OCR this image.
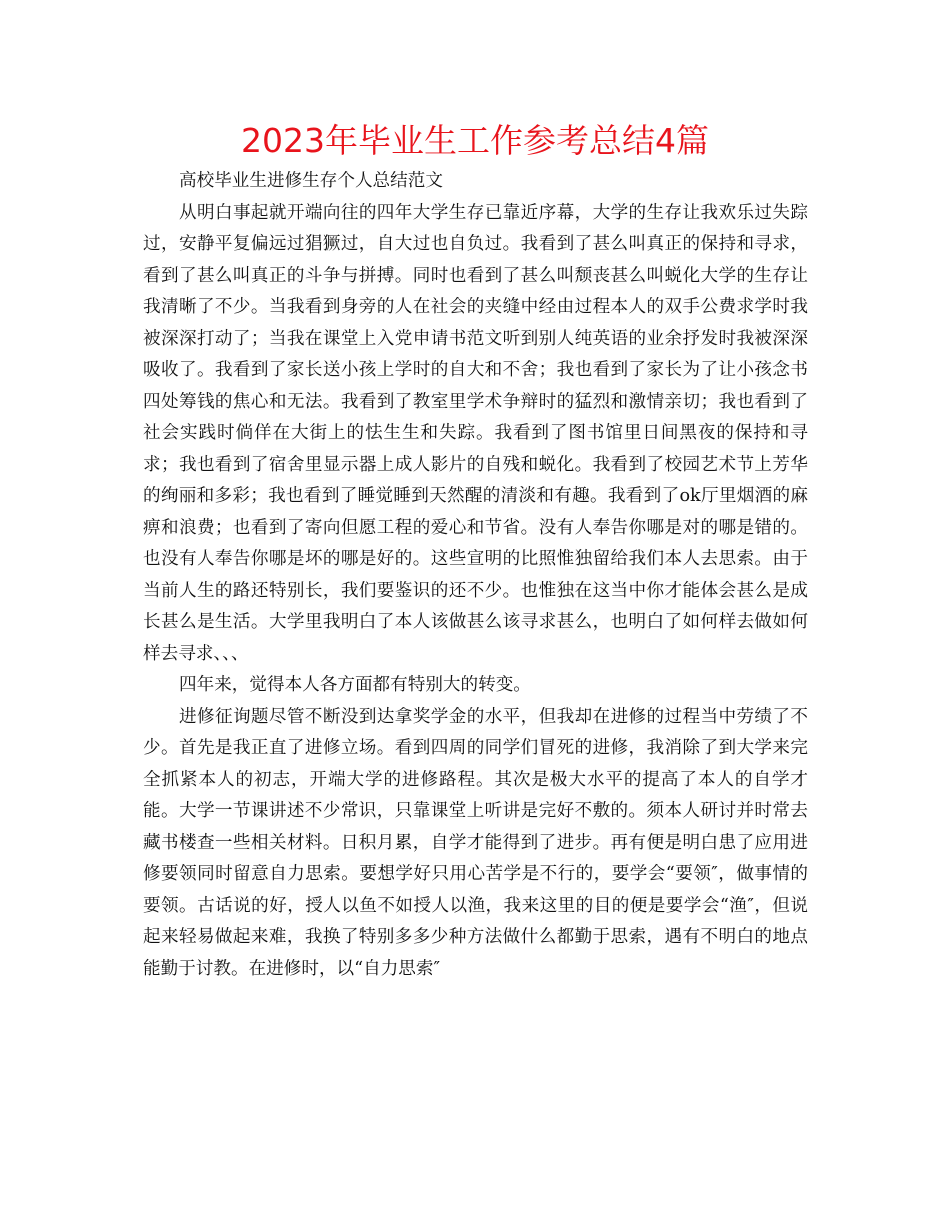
2023年毕业生工作参考总结4篇

高校毕业生进修生存个人总结范文

从明白事起就开端向往的四年大学生存已靠近序幕，大学的生存让我欢乐过失踪过，安静平复偏远过猖獗过，自大过也自负过。我看到了甚么叫真正的保持和寻求，看到了甚么叫真正的斗争与拼搏。同时也看到了甚么叫颓丧甚么叫蜕化大学的生存让我清晰了不少。当我看到身旁的人在社会的夹缝中经由过程本人的双手公费求学时我被深深打动了；当我在课堂上入党申请书范文听到别人纯英语的业余抒发时我被深深吸收了。我看到了家长送小孩上学时的自大和不舍；我也看到了家长为了让小孩念书四处筹钱的焦心和无法。我看到了教室里学术争辩时的猛烈和激情亲切；我也看到了社会实践时倘佯在大街上的怯生生和失踪。我看到了图书馆里日间黑夜的保持和寻求；我也看到了宿舍里显示器上成人影片的自残和蜕化。我看到了校园艺术节上芳华的绚丽和多彩；我也看到了睡觉睡到天然醒的清淡和有趣。我看到了ok厅里烟酒的麻痹和浪费；也看到了寄向但愿工程的爱心和节省。没有人奉告你哪是对的哪是错的。也没有人奉告你哪是坏的哪是好的。这些宣明的比照惟独留给我们本人去思索。由于当前人生的路还特别长，我们要鉴识的还不少。也惟独在这当中你才能体会甚么是成长甚么是生活。大学里我明白了本人该做甚么该寻求甚么，也明白了如何样去做如何样去寻求、、、

四年来，觉得本人各方面都有特别大的转变。

进修征询题尽管不断没到达拿奖学金的水平，但我却在进修的过程当中劳绩了不少。首先是我正直了进修立场。看到四周的同学们冒死的进修，我消除了到大学来完全抓紧本人的初志，开端大学的进修路程。其次是极大水平的提高了本人的自学才能。大学一节课讲述不少常识，只靠课堂上听讲是完好不敷的。须本人研讨并时常去藏书楼查一些相关材料。日积月累，自学才能得到了进步。再有便是明白患了应用进修要领同时留意自力思索。要想学好只用心苦学是不行的，要学会“要领″，做事情的要领。古话说的好，授人以鱼不如授人以渔，我来这里的目的便是要学会“渔″，但说起来轻易做起来难，我换了特别多多少种方法做什么都勤于思索，遇有不明白的地点能勤于讨教。在进修时，以“自力思索″
